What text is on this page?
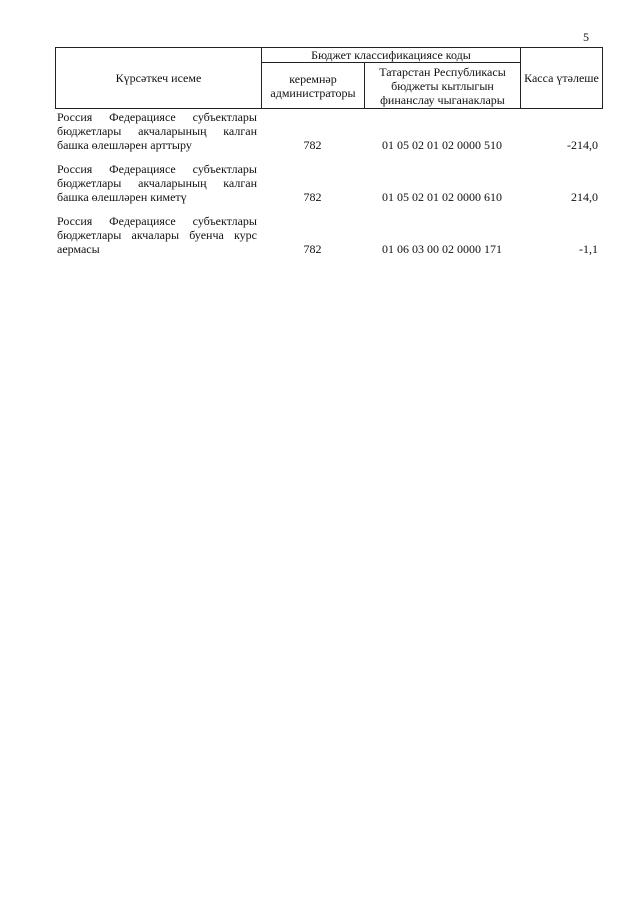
5
Күрсәткеч исеме	Бюджет классификациясе коды		Касса үтәлеше
	керемнәр администраторы	Татарстан Республикасы бюджеты кытлыгын финанслау чыганаклары	
Россия Федерациясе субъектлары бюджетлары акчаларының калган башка өлешләрен арттыру	782	01 05 02 01 02 0000 510	-214,0

Россия Федерациясе субъектлары бюджетлары акчаларының калган башка өлешләрен киметү	782	01 05 02 01 02 0000 610	214,0

Россия Федерациясе субъектлары бюджетлары акчалары буенча курс аермасы	782	01 06 03 00 02 0000 171	-1,1
